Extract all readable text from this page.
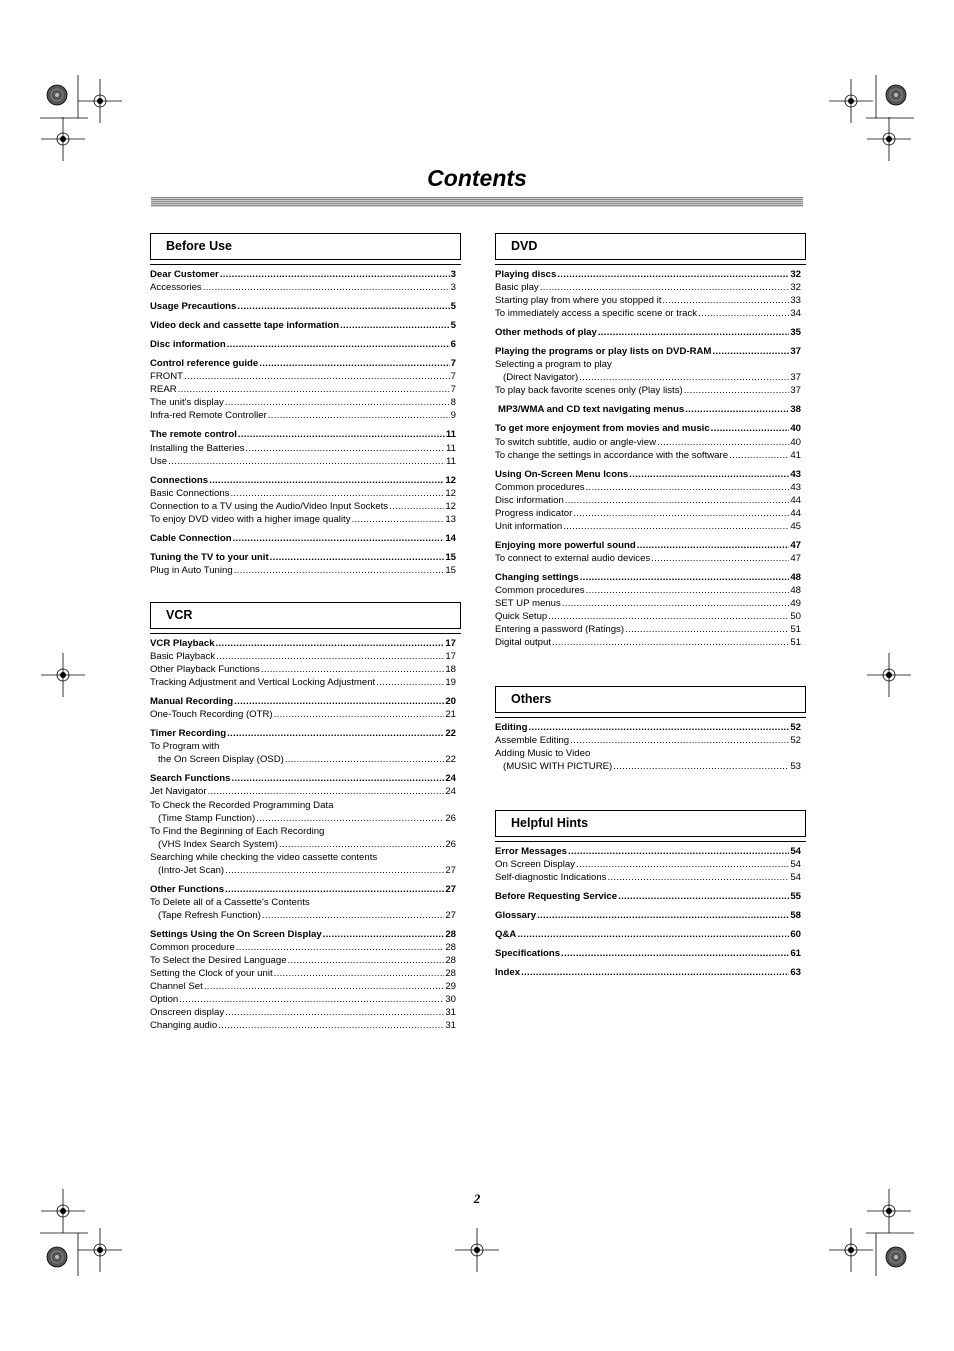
Contents
Before Use
Dear Customer .....	3
Accessories .....	3
Usage Precautions .....	5
Video deck and cassette tape information .....	5
Disc information .....	6
Control reference guide .....	7
FRONT .....	7
REAR .....	7
The unit's display .....	8
Infra-red Remote Controller .....	9
The remote control .....	11
Installing the Batteries .....	11
Use .....	11
Connections .....	12
Basic Connections .....	12
Connection to a TV using the Audio/Video Input Sockets .....	12
To enjoy DVD video with a higher image quality .....	13
Cable Connection .....	14
Tuning the TV to your unit .....	15
Plug in Auto Tuning .....	15
VCR
VCR Playback .....	17
Basic Playback .....	17
Other Playback Functions .....	18
Tracking Adjustment and Vertical Locking Adjustment .....	19
Manual Recording .....	20
One-Touch Recording (OTR) .....	21
Timer Recording .....	22
To Program with
the On Screen Display (OSD) .....	22
Search Functions .....	24
Jet Navigator .....	24
To Check the Recorded Programming Data
(Time Stamp Function) .....	26
To Find the Beginning of Each Recording
(VHS Index Search System) .....	26
Searching while checking the video cassette contents
(Intro-Jet Scan) .....	27
Other Functions .....	27
To Delete all of a Cassette's Contents
(Tape Refresh Function) .....	27
Settings Using the On Screen Display .....	28
Common procedure .....	28
To Select the Desired Language .....	28
Setting the Clock of your unit .....	28
Channel Set .....	29
Option .....	30
Onscreen display .....	31
Changing audio .....	31
DVD
Playing discs .....	32
Basic play .....	32
Starting play from where you stopped it .....	33
To immediately access a specific scene or track .....	34
Other methods of play .....	35
Playing the programs or play lists on DVD-RAM .....	37
Selecting a program to play
(Direct Navigator) .....	37
To play back favorite scenes only (Play lists) .....	37
MP3/WMA and CD text navigating menus .....	38
To get more enjoyment from movies and music .....	40
To switch subtitle, audio or angle-view .....	40
To change the settings in accordance with the software .....	41
Using On-Screen Menu Icons .....	43
Common procedures .....	43
Disc information .....	44
Progress indicator .....	44
Unit information .....	45
Enjoying more powerful sound .....	47
To connect to external audio devices .....	47
Changing settings .....	48
Common procedures .....	48
SET UP menus .....	49
Quick Setup .....	50
Entering a password (Ratings) .....	51
Digital output .....	51
Others
Editing .....	52
Assemble Editing .....	52
Adding Music to Video
(MUSIC WITH PICTURE) .....	53
Helpful Hints
Error Messages .....	54
On Screen Display .....	54
Self-diagnostic Indications .....	54
Before Requesting Service .....	55
Glossary .....	58
Q&A .....	60
Specifications .....	61
Index .....	63
2
